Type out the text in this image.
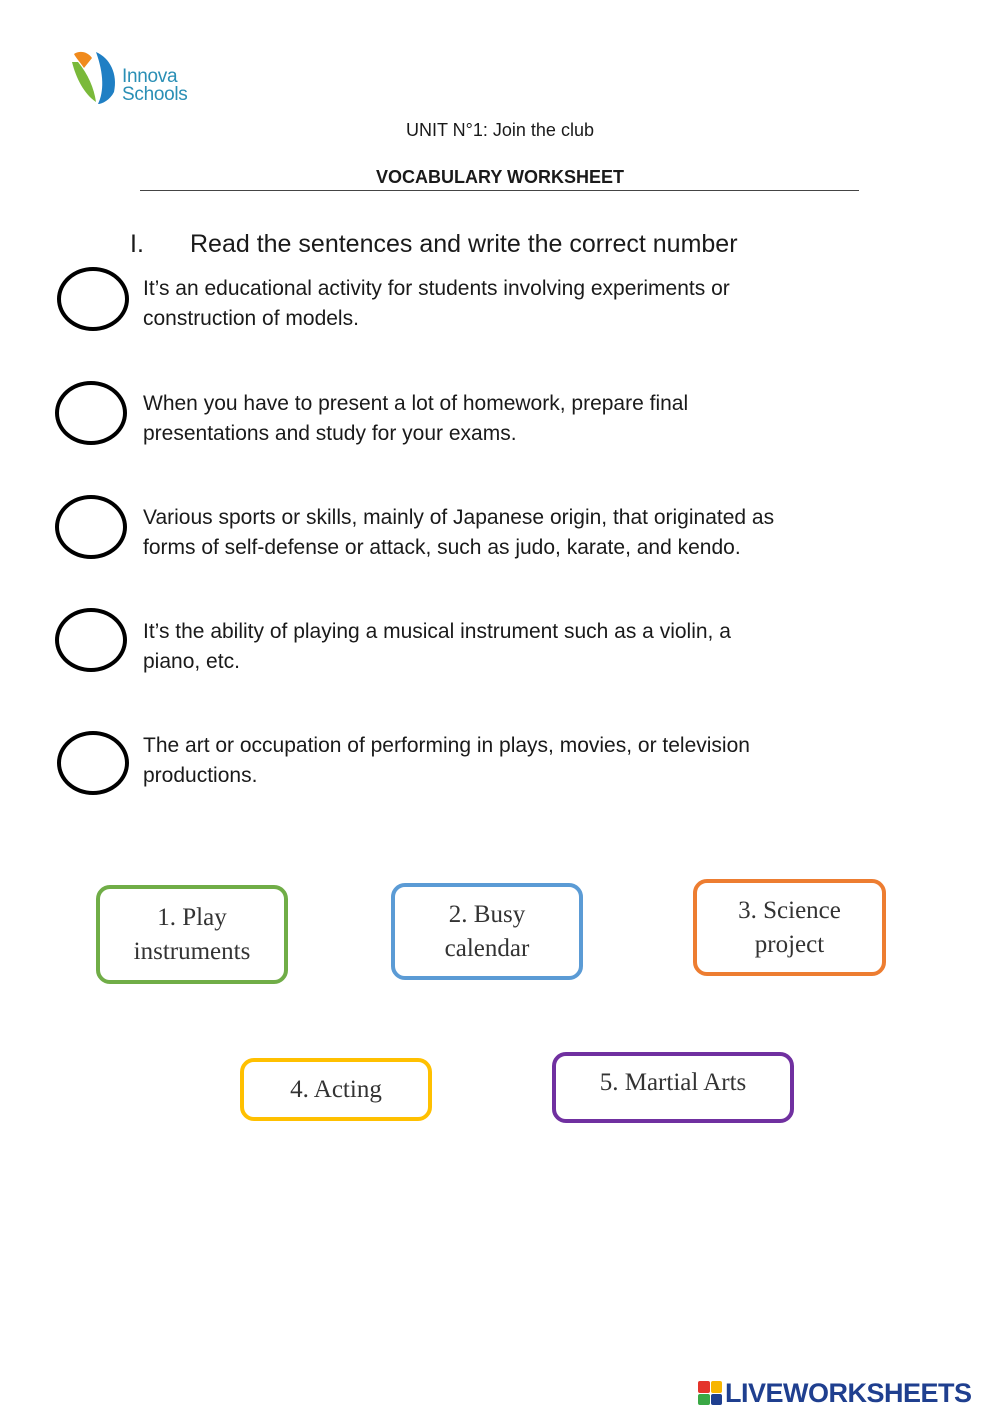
Innova
Schools
UNIT N°1: Join the club
VOCABULARY WORKSHEET
I. Read the sentences and write the correct number
It’s an educational activity for students involving experiments or
construction of models.
When you have to present a lot of homework, prepare final
presentations and study for your exams.
Various sports or skills, mainly of Japanese origin, that originated as
forms of self-defense or attack, such as judo, karate, and kendo.
It’s the ability of playing a musical instrument such as a violin, a
piano, etc.
The art or occupation of performing in plays, movies, or television
productions.
1. Play
instruments
2. Busy
calendar
3. Science
project
4. Acting	5. Martial Arts
LIVEWORKSHEETS
